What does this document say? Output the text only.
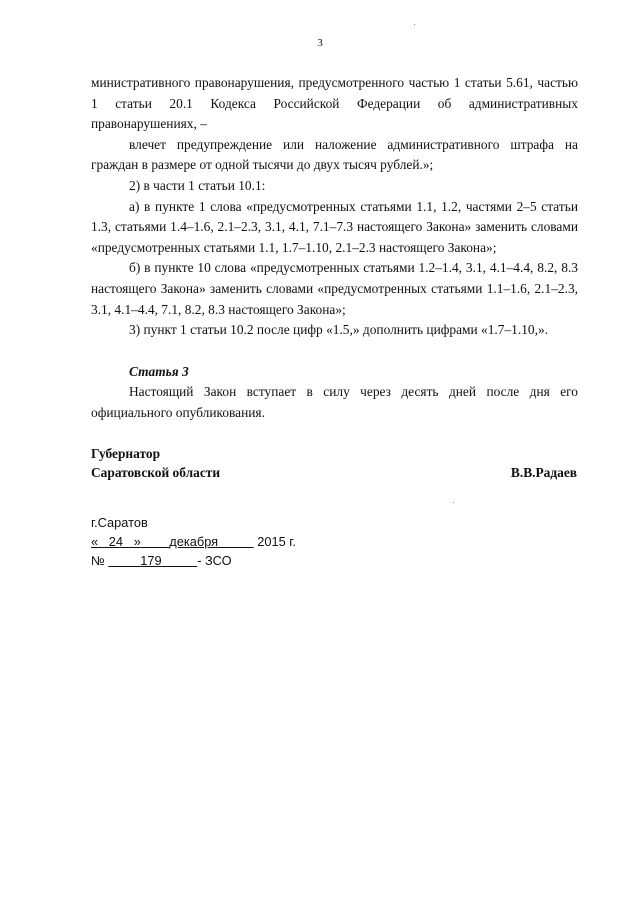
3

министративного правонарушения, предусмотренного частью 1 статьи 5.61, частью 1 статьи 20.1 Кодекса Российской Федерации об административных правонарушениях, –

влечет предупреждение или наложение административного штрафа на граждан в размере от одной тысячи до двух тысяч рублей.»;

2) в части 1 статьи 10.1:

а) в пункте 1 слова «предусмотренных статьями 1.1, 1.2, частями 2–5 статьи 1.3, статьями 1.4–1.6, 2.1–2.3, 3.1, 4.1, 7.1–7.3 настоящего Закона» заменить словами «предусмотренных статьями 1.1, 1.7–1.10, 2.1–2.3 настоящего Закона»;

б) в пункте 10 слова «предусмотренных статьями 1.2–1.4, 3.1, 4.1–4.4, 8.2, 8.3 настоящего Закона» заменить словами «предусмотренных статьями 1.1–1.6, 2.1–2.3, 3.1, 4.1–4.4, 7.1, 8.2, 8.3 настоящего Закона»;

3) пункт 1 статьи 10.2 после цифр «1.5,» дополнить цифрами «1.7–1.10,».

Статья 3

Настоящий Закон вступает в силу через десять дней после дня его официального опубликования.

Губернатор
Саратовской области	В.В.Радаев
г.Саратов
« 24 » декабря	2015 г.
№	179	- ЗСО
